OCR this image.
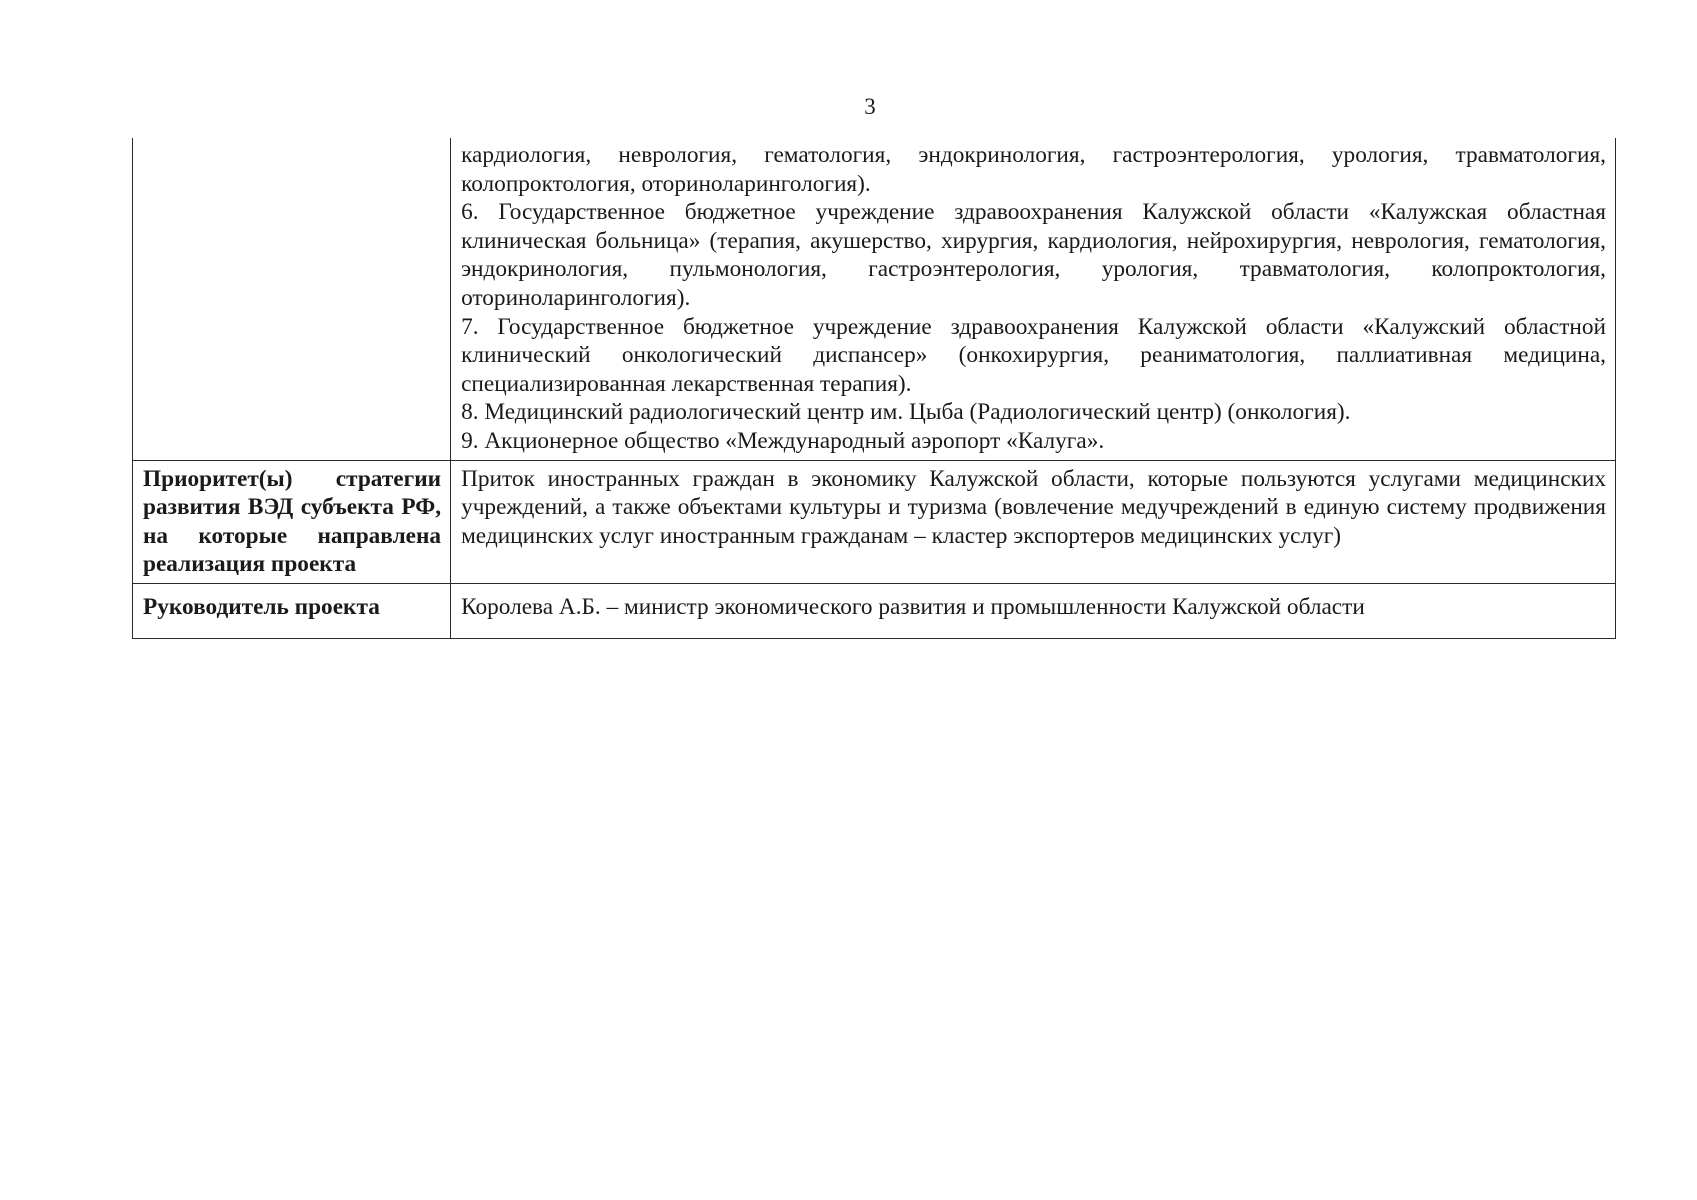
3

	кардиология, неврология, гематология, эндокринология, гастроэнтерология, урология, травматология, колопроктология, оториноларингология).

6. Государственное бюджетное учреждение здравоохранения Калужской области «Калужская областная клиническая больница» (терапия, акушерство, хирургия, кардиология, нейрохирургия, неврология, гематология, эндокринология, пульмонология, гастроэнтерология, урология, травматология, колопроктология, оториноларингология).

7. Государственное бюджетное учреждение здравоохранения Калужской области «Калужский областной клинический онкологический диспансер» (онкохирургия, реаниматология, паллиативная медицина, специализированная лекарственная терапия).

8. Медицинский радиологический центр им. Цыба (Радиологический центр) (онкология).

9. Акционерное общество «Международный аэропорт «Калуга».

Приоритет(ы) стратегии развития ВЭД субъекта РФ, на которые направлена реализация проекта	Приток иностранных граждан в экономику Калужской области, которые пользуются услугами медицинских учреждений, а также объектами культуры и туризма (вовлечение медучреждений в единую систему продвижения медицинских услуг иностранным гражданам – кластер экспортеров медицинских услуг)

Руководитель проекта	Королева А.Б. – министр экономического развития и промышленности Калужской области
